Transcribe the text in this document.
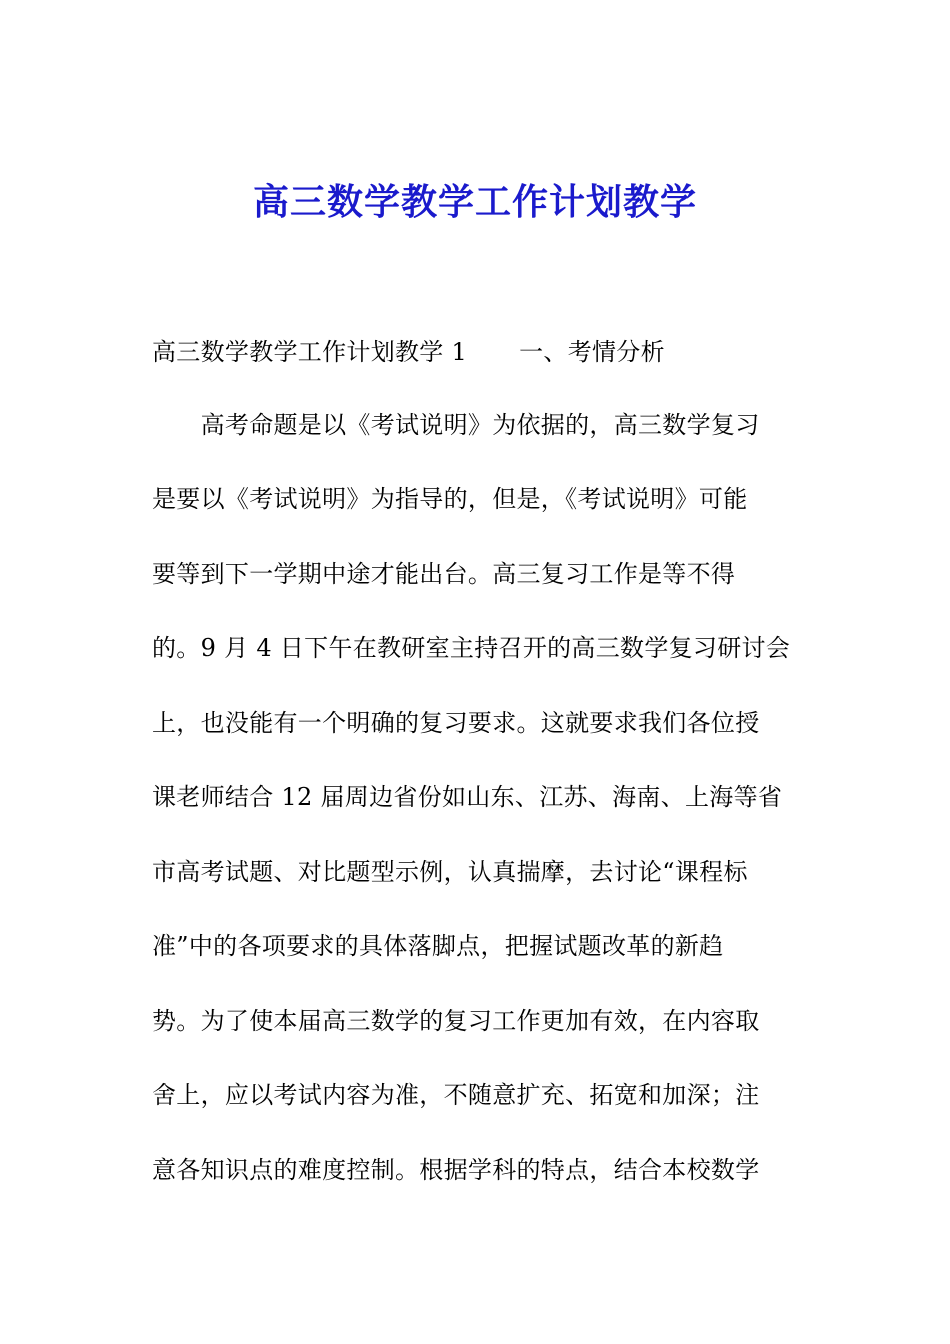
高三数学教学工作计划教学
高三数学教学工作计划教学 1 一、考情分析
　　高考命题是以《考试说明》为依据的，高三数学复习
是要以《考试说明》为指导的，但是，《考试说明》可能
要等到下一学期中途才能出台。高三复习工作是等不得
的。9 月 4 日下午在教研室主持召开的高三数学复习研讨会
上，也没能有一个明确的复习要求。这就要求我们各位授
课老师结合 12 届周边省份如山东、江苏、海南、上海等省
市高考试题、对比题型示例，认真揣摩，去讨论“课程标
准”中的各项要求的具体落脚点，把握试题改革的新趋
势。为了使本届高三数学的复习工作更加有效，在内容取
舍上，应以考试内容为准，不随意扩充、拓宽和加深；注
意各知识点的难度控制。根据学科的特点，结合本校数学
